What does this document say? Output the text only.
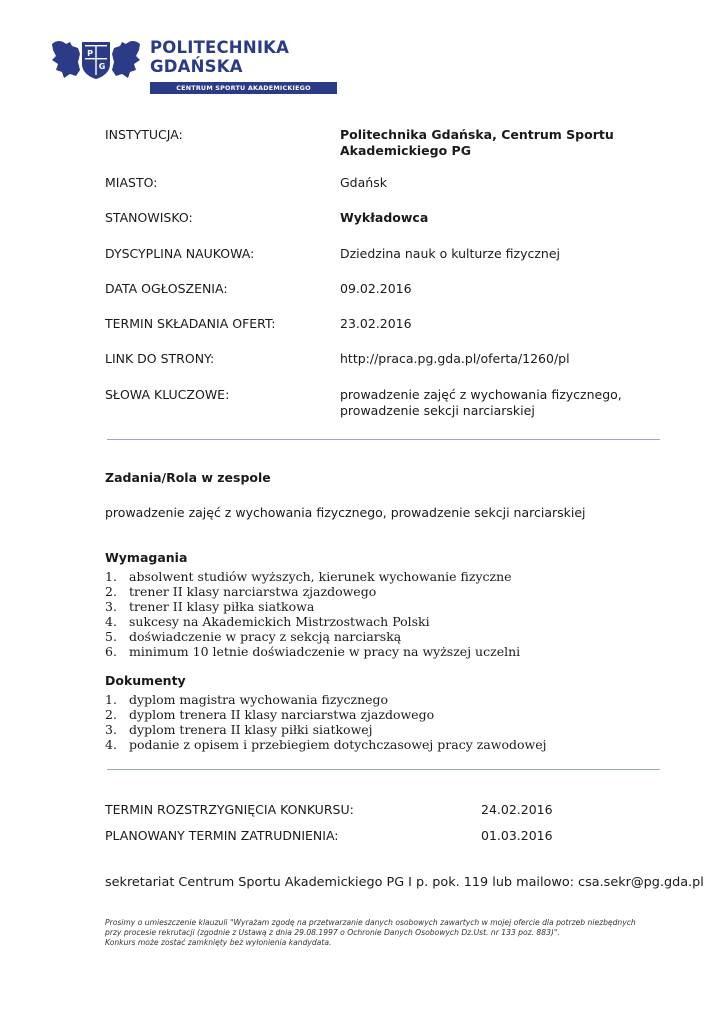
P
G
POLITECHNIKA
GDAŃSKA
CENTRUM SPORTU AKADEMICKIEGO
INSTYTUCJA:	Politechnika Gdańska, Centrum Sportu Akademickiego PG
MIASTO:	Gdańsk
STANOWISKO:	Wykładowca
DYSCYPLINA NAUKOWA:	Dziedzina nauk o kulturze fizycznej
DATA OGŁOSZENIA:	09.02.2016
TERMIN SKŁADANIA OFERT:	23.02.2016
LINK DO STRONY:	http://praca.pg.gda.pl/oferta/1260/pl
SŁOWA KLUCZOWE:	prowadzenie zajęć z wychowania fizycznego, prowadzenie sekcji narciarskiej
Zadania/Rola w zespole
prowadzenie zajęć z wychowania fizycznego, prowadzenie sekcji narciarskiej
Wymagania
1. absolwent studiów wyższych, kierunek wychowanie fizyczne
2. trener II klasy narciarstwa zjazdowego
3. trener II klasy piłka siatkowa
4. sukcesy na Akademickich Mistrzostwach Polski
5. doświadczenie w pracy z sekcją narciarską
6. minimum 10 letnie doświadczenie w pracy na wyższej uczelni
Dokumenty
1. dyplom magistra wychowania fizycznego
2. dyplom trenera II klasy narciarstwa zjazdowego
3. dyplom trenera II klasy piłki siatkowej
4. podanie z opisem i przebiegiem dotychczasowej pracy zawodowej
TERMIN ROZSTRZYGNIĘCIA KONKURSU:	24.02.2016
PLANOWANY TERMIN ZATRUDNIENIA:	01.03.2016
sekretariat Centrum Sportu Akademickiego PG I p. pok. 119 lub mailowo: csa.sekr@pg.gda.pl
Prosimy o umieszczenie klauzuli "Wyrażam zgodę na przetwarzanie danych osobowych zawartych w mojej ofercie dla potrzeb niezbędnych
przy procesie rekrutacji (zgodnie z Ustawą z dnia 29.08.1997 o Ochronie Danych Osobowych Dz.Ust. nr 133 poz. 883)".
Konkurs może zostać zamknięty bez wyłonienia kandydata.
